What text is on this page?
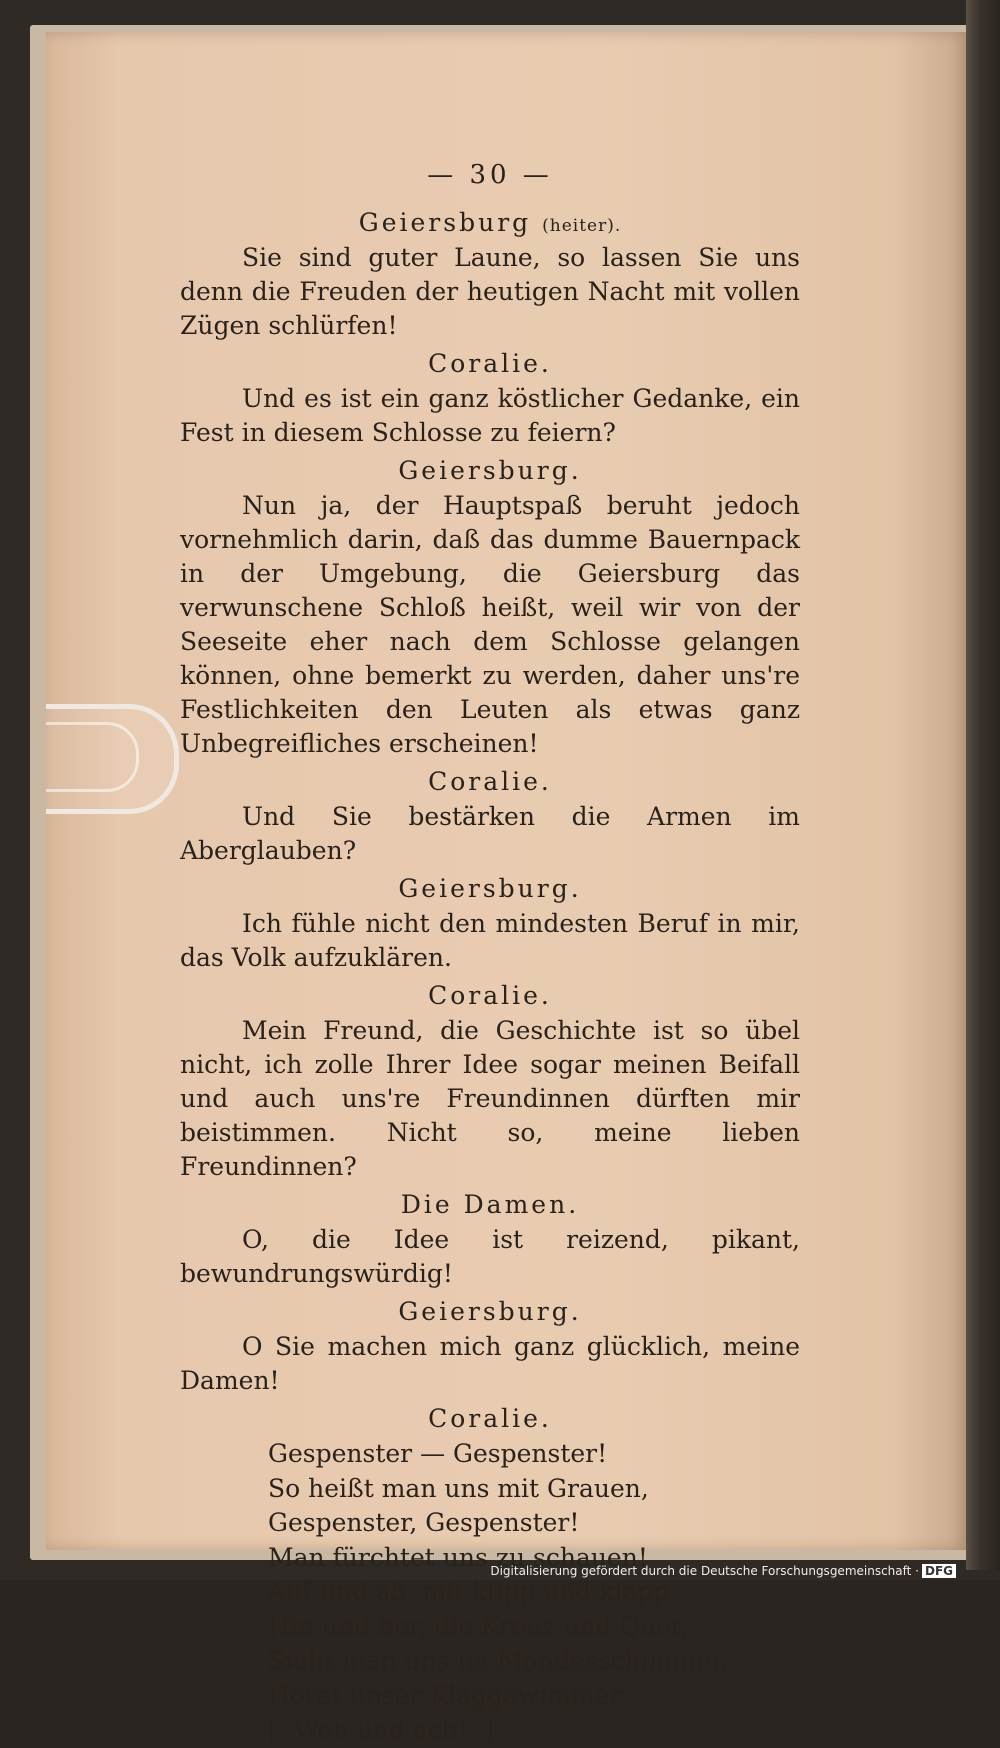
— 30 —
Geiersburg (heiter).

Sie sind guter Laune, so lassen Sie uns denn die Freuden der heutigen Nacht mit vollen Zügen schlürfen!

Coralie.

Und es ist ein ganz köstlicher Gedanke, ein Fest in diesem Schlosse zu feiern?

Geiersburg.

Nun ja, der Hauptspaß beruht jedoch vornehmlich darin, daß das dumme Bauernpack in der Umgebung, die Geiersburg das verwunschene Schloß heißt, weil wir von der Seeseite eher nach dem Schlosse gelangen können, ohne bemerkt zu werden, daher uns're Festlichkeiten den Leuten als etwas ganz Unbegreifliches erscheinen!

Coralie.

Und Sie bestärken die Armen im Aberglauben?

Geiersburg.

Ich fühle nicht den mindesten Beruf in mir, das Volk aufzuklären.

Coralie.

Mein Freund, die Geschichte ist so übel nicht, ich zolle Ihrer Idee sogar meinen Beifall und auch uns're Freundinnen dürften mir beistimmen. Nicht so, meine lieben Freundinnen?

Die Damen.

O, die Idee ist reizend, pikant, bewundrungswürdig!

Geiersburg.

O Sie machen mich ganz glücklich, meine Damen!

Coralie.
Gespenster — Gespenster!
So heißt man uns mit Grauen,
Gespenster, Gespenster!
Man fürchtet uns zu schauen!
Auf und ab, mit klipp und klapp,
Hin und her, die Kreuz und Quer,
Sieht man uns im Mondesschimmer,
Höret unser Klaggewimmer,
[: Weh und ach! :]
Digitalisierung gefördert durch die Deutsche Forschungsgemeinschaft · DFG
